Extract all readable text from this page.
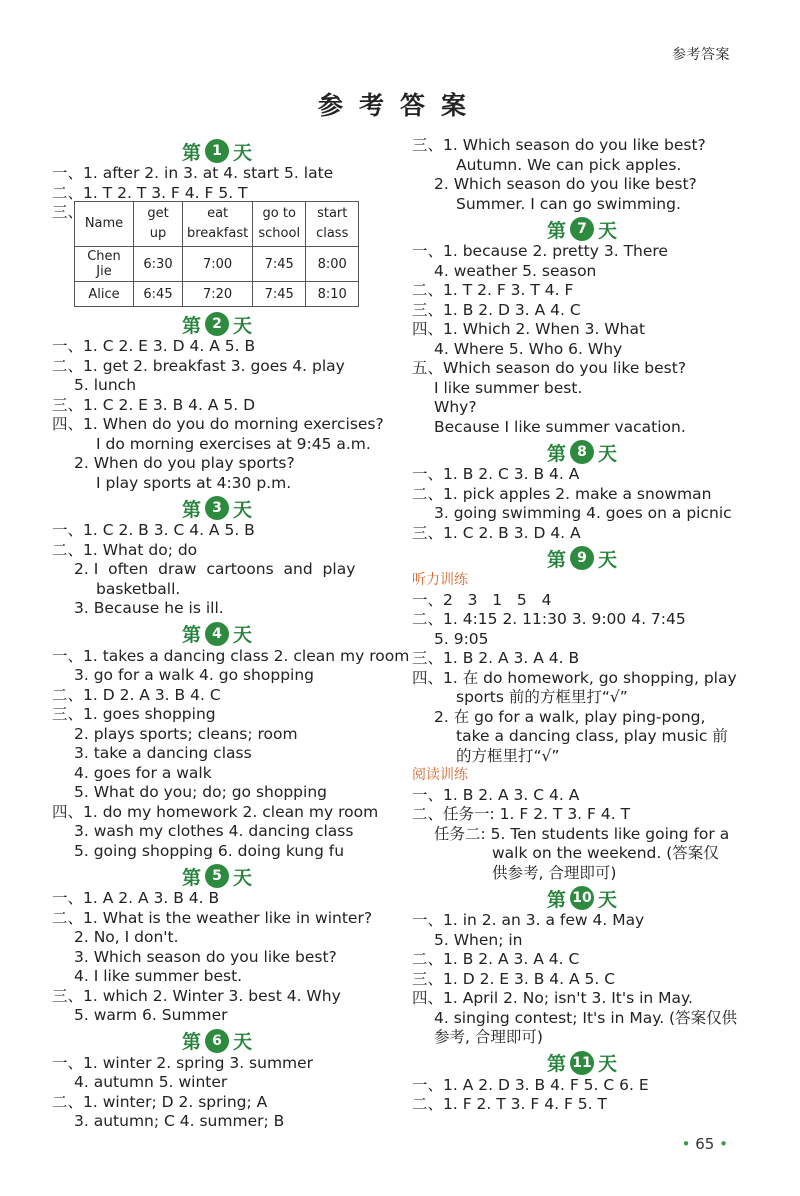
参考答案
参考答案
第 1 天
一、1. after 2. in 3. at 4. start 5. late
二、1. T 2. T 3. F 4. F 5. T
三、
Name	get up	eat breakfast	go to school	start class
Chen Jie	6:30	7:00	7:45	8:00
Alice	6:45	7:20	7:45	8:10
第 2 天
一、1. C 2. E 3. D 4. A 5. B
二、1. get 2. breakfast 3. goes 4. play
5. lunch
三、1. C 2. E 3. B 4. A 5. D
四、1. When do you do morning exercises?
I do morning exercises at 9:45 a.m.
2. When do you play sports?
I play sports at 4:30 p.m.
第 3 天
一、1. C 2. B 3. C 4. A 5. B
二、1. What do; do
2. I  often  draw  cartoons  and  play
basketball.
3. Because he is ill.
第 4 天
一、1. takes a dancing class 2. clean my room
3. go for a walk 4. go shopping
二、1. D 2. A 3. B 4. C
三、1. goes shopping
2. plays sports; cleans; room
3. take a dancing class
4. goes for a walk
5. What do you; do; go shopping
四、1. do my homework 2. clean my room
3. wash my clothes 4. dancing class
5. going shopping 6. doing kung fu
第 5 天
一、1. A 2. A 3. B 4. B
二、1. What is the weather like in winter?
2. No, I don't.
3. Which season do you like best?
4. I like summer best.
三、1. which 2. Winter 3. best 4. Why
5. warm 6. Summer
第 6 天
一、1. winter 2. spring 3. summer
4. autumn 5. winter
二、1. winter; D 2. spring; A
3. autumn; C 4. summer; B
三、1. Which season do you like best?
Autumn. We can pick apples.
2. Which season do you like best?
Summer. I can go swimming.
第 7 天
一、1. because 2. pretty 3. There
4. weather 5. season
二、1. T 2. F 3. T 4. F
三、1. B 2. D 3. A 4. C
四、1. Which 2. When 3. What
4. Where 5. Who 6. Why
五、Which season do you like best?
I like summer best.
Why?
Because I like summer vacation.
第 8 天
一、1. B 2. C 3. B 4. A
二、1. pick apples 2. make a snowman
3. going swimming 4. goes on a picnic
三、1. C 2. B 3. D 4. A
第 9 天
听力训练
一、2   3   1   5   4
二、1. 4:15 2. 11:30 3. 9:00 4. 7:45
5. 9:05
三、1. B 2. A 3. A 4. B
四、1. 在 do homework, go shopping, play
sports 前的方框里打“√”
2. 在 go for a walk, play ping-pong,
take a dancing class, play music 前
的方框里打“√”
阅读训练
一、1. B 2. A 3. C 4. A
二、任务一: 1. F 2. T 3. F 4. T
任务二: 5. Ten students like going for a
walk on the weekend. (答案仅
供参考, 合理即可)
第 10 天
一、1. in 2. an 3. a few 4. May
5. When; in
二、1. B 2. A 3. A 4. C
三、1. D 2. E 3. B 4. A 5. C
四、1. April 2. No; isn't 3. It's in May.
4. singing contest; It's in May. (答案仅供
参考, 合理即可)
第 11 天
一、1. A 2. D 3. B 4. F 5. C 6. E
二、1. F 2. T 3. F 4. F 5. T
• 65 •
